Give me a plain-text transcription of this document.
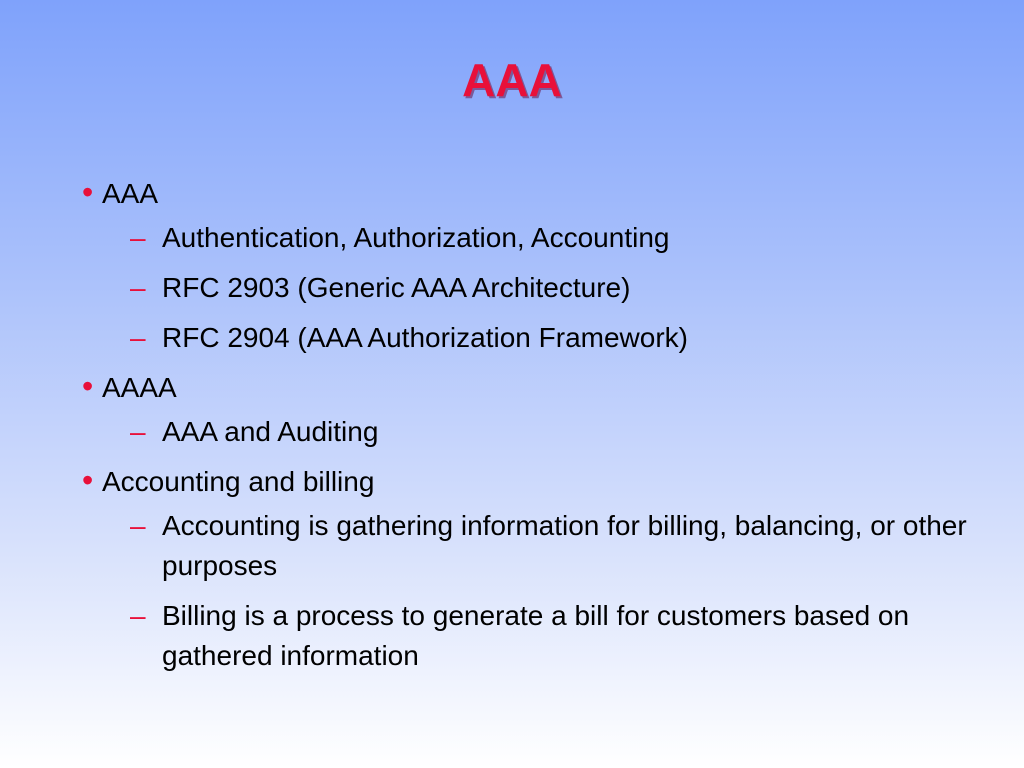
AAA
• AAA
– Authentication, Authorization, Accounting
– RFC 2903 (Generic AAA Architecture)
– RFC 2904 (AAA Authorization Framework)
• AAAA
– AAA and Auditing
• Accounting and billing
– Accounting is gathering information for billing, balancing, or other purposes
– Billing is a process to generate a bill for customers based on gathered information
